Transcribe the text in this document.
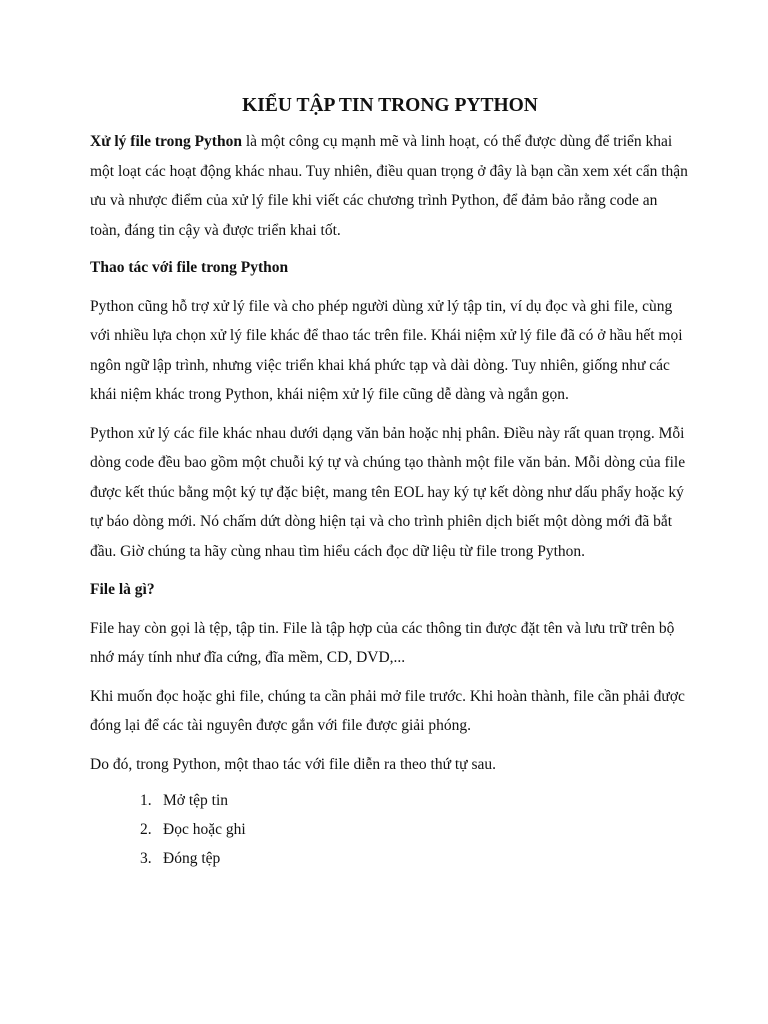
KIỂU TẬP TIN TRONG PYTHON

Xử lý file trong Python là một công cụ mạnh mẽ và linh hoạt, có thể được dùng để triển khai một loạt các hoạt động khác nhau. Tuy nhiên, điều quan trọng ở đây là bạn cần xem xét cẩn thận ưu và nhược điểm của xử lý file khi viết các chương trình Python, để đảm bảo rằng code an toàn, đáng tin cậy và được triển khai tốt.

Thao tác với file trong Python

Python cũng hỗ trợ xử lý file và cho phép người dùng xử lý tập tin, ví dụ đọc và ghi file, cùng với nhiều lựa chọn xử lý file khác để thao tác trên file. Khái niệm xử lý file đã có ở hầu hết mọi ngôn ngữ lập trình, nhưng việc triển khai khá phức tạp và dài dòng. Tuy nhiên, giống như các khái niệm khác trong Python, khái niệm xử lý file cũng dễ dàng và ngắn gọn.

Python xử lý các file khác nhau dưới dạng văn bản hoặc nhị phân. Điều này rất quan trọng. Mỗi dòng code đều bao gồm một chuỗi ký tự và chúng tạo thành một file văn bản. Mỗi dòng của file được kết thúc bằng một ký tự đặc biệt, mang tên EOL hay ký tự kết dòng như dấu phẩy hoặc ký tự báo dòng mới. Nó chấm dứt dòng hiện tại và cho trình phiên dịch biết một dòng mới đã bắt đầu. Giờ chúng ta hãy cùng nhau tìm hiểu cách đọc dữ liệu từ file trong Python.

File là gì?

File hay còn gọi là tệp, tập tin. File là tập hợp của các thông tin được đặt tên và lưu trữ trên bộ nhớ máy tính như đĩa cứng, đĩa mềm, CD, DVD,...

Khi muốn đọc hoặc ghi file, chúng ta cần phải mở file trước. Khi hoàn thành, file cần phải được đóng lại để các tài nguyên được gắn với file được giải phóng.

Do đó, trong Python, một thao tác với file diễn ra theo thứ tự sau.

1. Mở tệp tin
2. Đọc hoặc ghi
3. Đóng tệp
